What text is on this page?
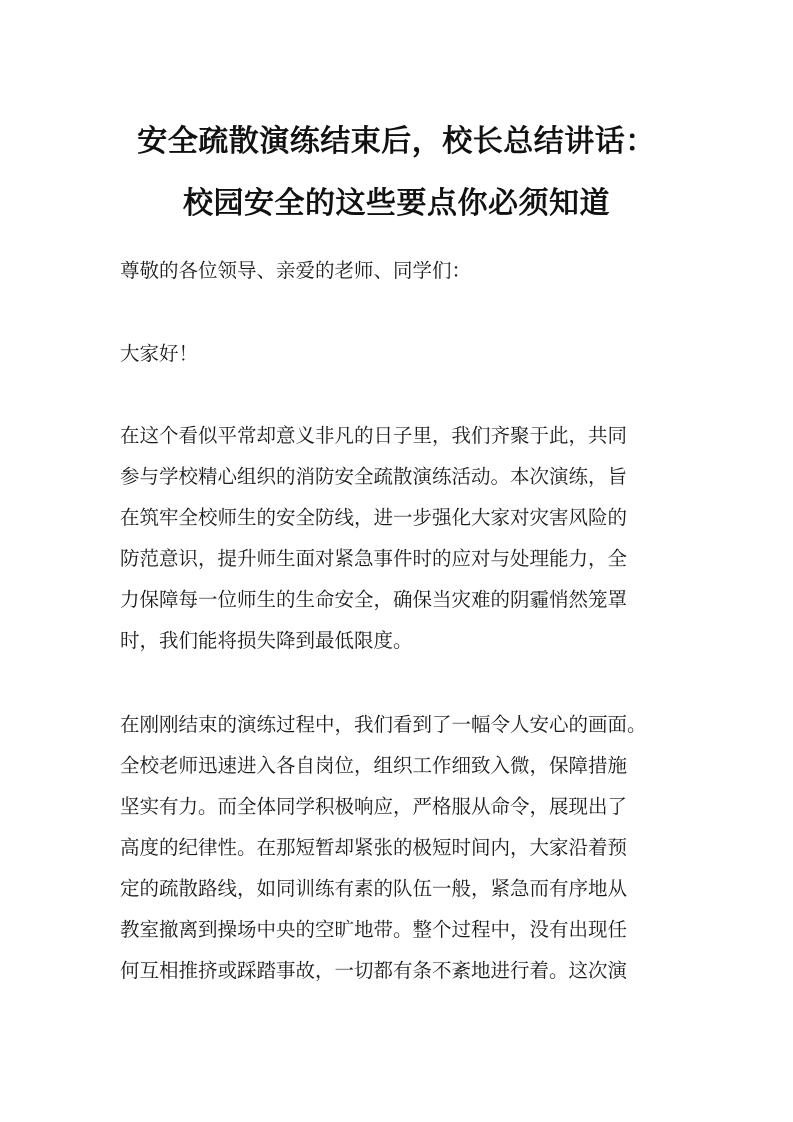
安全疏散演练结束后，校长总结讲话：
校园安全的这些要点你必须知道
尊敬的各位领导、亲爱的老师、同学们：
大家好！
在这个看似平常却意义非凡的日子里，我们齐聚于此，共同
参与学校精心组织的消防安全疏散演练活动。本次演练，旨
在筑牢全校师生的安全防线，进一步强化大家对灾害风险的
防范意识，提升师生面对紧急事件时的应对与处理能力，全
力保障每一位师生的生命安全，确保当灾难的阴霾悄然笼罩
时，我们能将损失降到最低限度。
在刚刚结束的演练过程中，我们看到了一幅令人安心的画面。
全校老师迅速进入各自岗位，组织工作细致入微，保障措施
坚实有力。而全体同学积极响应，严格服从命令，展现出了
高度的纪律性。在那短暂却紧张的极短时间内，大家沿着预
定的疏散路线，如同训练有素的队伍一般，紧急而有序地从
教室撤离到操场中央的空旷地带。整个过程中，没有出现任
何互相推挤或踩踏事故，一切都有条不紊地进行着。这次演
